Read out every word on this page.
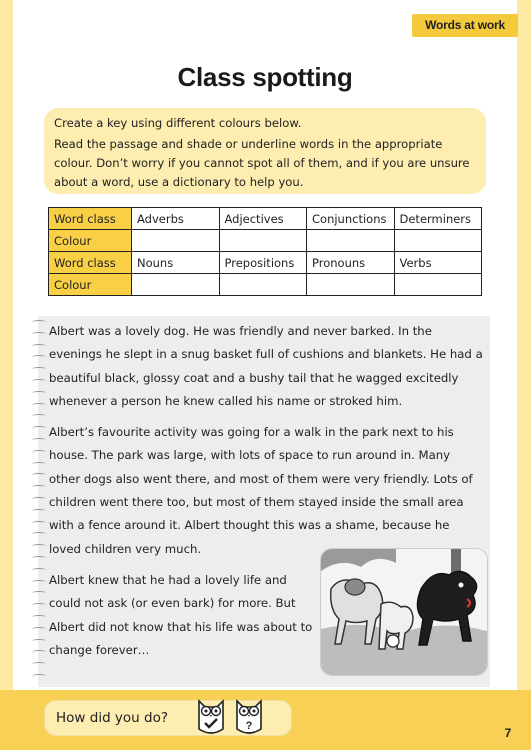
Words at work
Class spotting

Create a key using different colours below.

Read the passage and shade or underline words in the appropriate colour. Don’t worry if you cannot spot all of them, and if you are unsure about a word, use a dictionary to help you.

Word class	Adverbs	Adjectives	Conjunctions	Determiners
Colour				
Word class	Nouns	Prepositions	Pronouns	Verbs
Colour				

Albert was a lovely dog. He was friendly and never barked. In the evenings he slept in a snug basket full of cushions and blankets. He had a beautiful black, glossy coat and a bushy tail that he wagged excitedly whenever a person he knew called his name or stroked him.

Albert’s favourite activity was going for a walk in the park next to his house. The park was large, with lots of space to run around in. Many other dogs also went there, and most of them were very friendly. Lots of children went there too, but most of them stayed inside the small area with a fence around it. Albert thought this was a shame, because he loved children very much.

Albert knew that he had a lovely life and could not ask (or even bark) for more. But Albert did not know that his life was about to change forever…

How did you do?	?	7
